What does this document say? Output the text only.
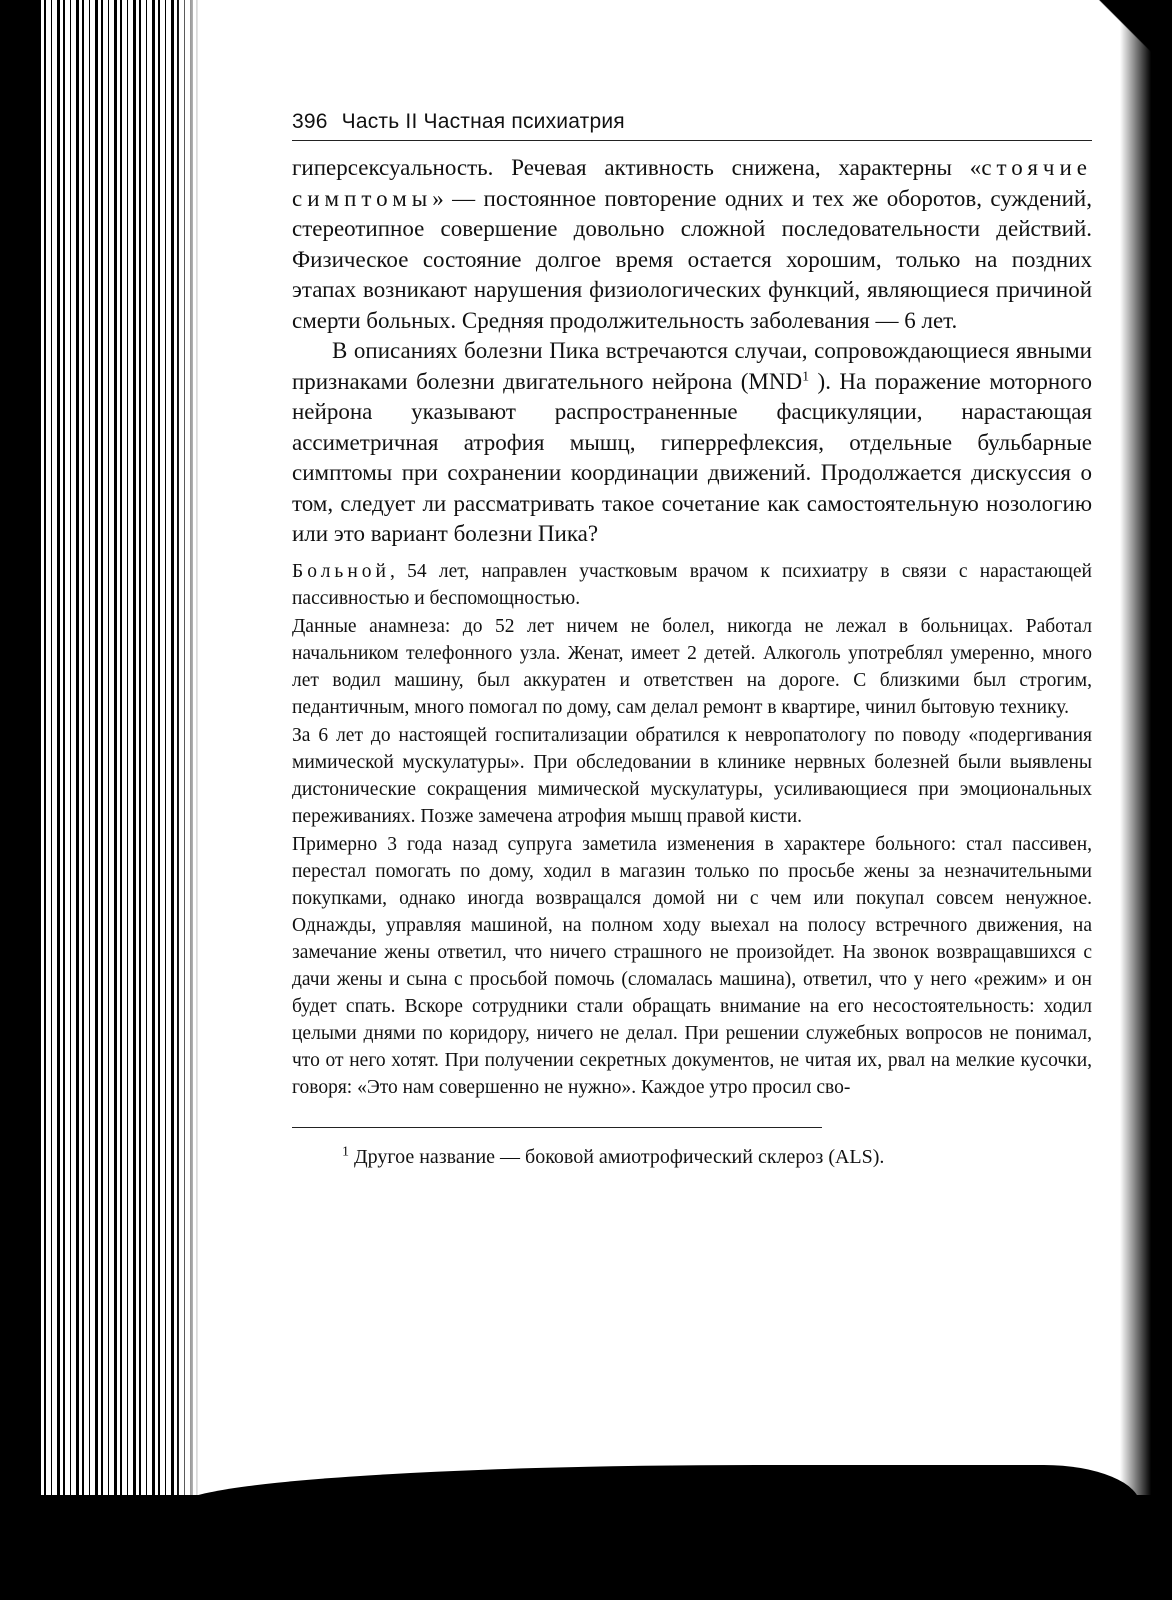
396 Часть II Частная психиатрия

гиперсексуальность. Речевая активность снижена, характерны «стоячие симптомы» — постоянное повторение одних и тех же оборотов, суждений, стереотипное совершение довольно сложной последовательности действий. Физическое состояние долгое время остается хорошим, только на поздних этапах возникают нарушения физиологических функций, являющиеся причиной смерти больных. Средняя продолжительность заболевания — 6 лет.

В описаниях болезни Пика встречаются случаи, сопровождающиеся явными признаками болезни двигательного нейрона (MND$^1$ ). На поражение моторного нейрона указывают распространенные фасцикуляции, нарастающая ассиметричная атрофия мышц, гиперрефлексия, отдельные бульбарные симптомы при сохранении координации движений. Продолжается дискуссия о том, следует ли рассматривать такое сочетание как самостоятельную нозологию или это вариант болезни Пика?

Больной, 54 лет, направлен участковым врачом к психиатру в связи с нарастающей пассивностью и беспомощностью.

Данные анамнеза: до 52 лет ничем не болел, никогда не лежал в больницах. Работал начальником телефонного узла. Женат, имеет 2 детей. Алкоголь употреблял умеренно, много лет водил машину, был аккуратен и ответствен на дороге. С близкими был строгим, педантичным, много помогал по дому, сам делал ремонт в квартире, чинил бытовую технику.

За 6 лет до настоящей госпитализации обратился к невропатологу по поводу «подергивания мимической мускулатуры». При обследовании в клинике нервных болезней были выявлены дистонические сокращения мимической мускулатуры, усиливающиеся при эмоциональных переживаниях. Позже замечена атрофия мышц правой кисти.

Примерно 3 года назад супруга заметила изменения в характере больного: стал пассивен, перестал помогать по дому, ходил в магазин только по просьбе жены за незначительными покупками, однако иногда возвращался домой ни с чем или покупал совсем ненужное. Однажды, управляя машиной, на полном ходу выехал на полосу встречного движения, на замечание жены ответил, что ничего страшного не произойдет. На звонок возвращавшихся с дачи жены и сына с просьбой помочь (сломалась машина), ответил, что у него «режим» и он будет спать. Вскоре сотрудники стали обращать внимание на его несостоятельность: ходил целыми днями по коридору, ничего не делал. При решении служебных вопросов не понимал, что от него хотят. При получении секретных документов, не читая их, рвал на мелкие кусочки, говоря: «Это нам совершенно не нужно». Каждое утро просил сво-

$^1$ Другое название — боковой амиотрофический склероз (ALS).
